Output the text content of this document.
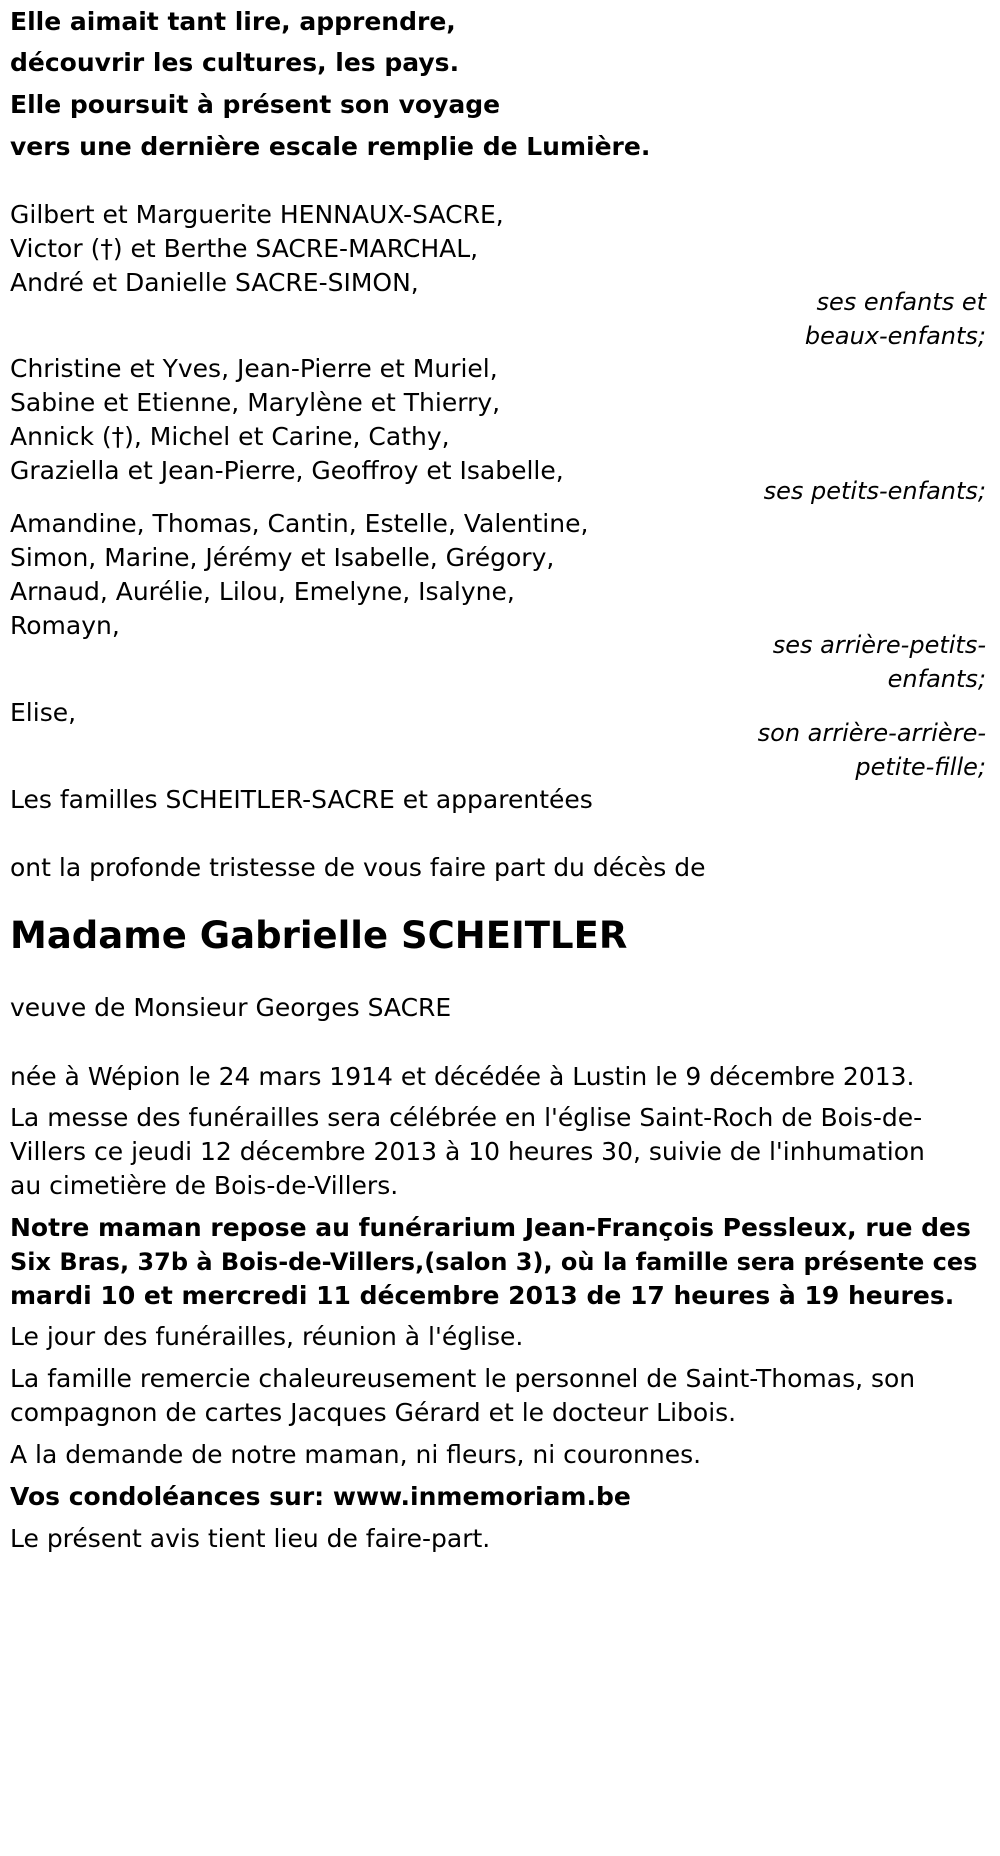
Elle aimait tant lire, apprendre,
découvrir les cultures, les pays.
Elle poursuit à présent son voyage
vers une dernière escale remplie de Lumière.
Gilbert et Marguerite HENNAUX-SACRE,
Victor (†) et Berthe SACRE-MARCHAL,
André et Danielle SACRE-SIMON,
ses enfants et
beaux-enfants;
Christine et Yves, Jean-Pierre et Muriel,
Sabine et Etienne, Marylène et Thierry,
Annick (†), Michel et Carine, Cathy,
Graziella et Jean-Pierre, Geoffroy et Isabelle,
ses petits-enfants;
Amandine, Thomas, Cantin, Estelle, Valentine,
Simon, Marine, Jérémy et Isabelle, Grégory,
Arnaud, Aurélie, Lilou, Emelyne, Isalyne,
Romayn,
ses arrière-petits-
enfants;
Elise,
son arrière-arrière-
petite-fille;
Les familles SCHEITLER-SACRE et apparentées
ont la profonde tristesse de vous faire part du décès de
Madame Gabrielle SCHEITLER
veuve de Monsieur Georges SACRE
née à Wépion le 24 mars 1914 et décédée à Lustin le 9 décembre 2013.
La messe des funérailles sera célébrée en l'église Saint-Roch de Bois-de-
Villers ce jeudi 12 décembre 2013 à 10 heures 30, suivie de l'inhumation
au cimetière de Bois-de-Villers.
Notre maman repose au funérarium Jean-François Pessleux, rue des
Six Bras, 37b à Bois-de-Villers,(salon 3), où la famille sera présente ces
mardi 10 et mercredi 11 décembre 2013 de 17 heures à 19 heures.
Le jour des funérailles, réunion à l'église.
La famille remercie chaleureusement le personnel de Saint-Thomas, son
compagnon de cartes Jacques Gérard et le docteur Libois.
A la demande de notre maman, ni fleurs, ni couronnes.
Vos condoléances sur: www.inmemoriam.be
Le présent avis tient lieu de faire-part.
